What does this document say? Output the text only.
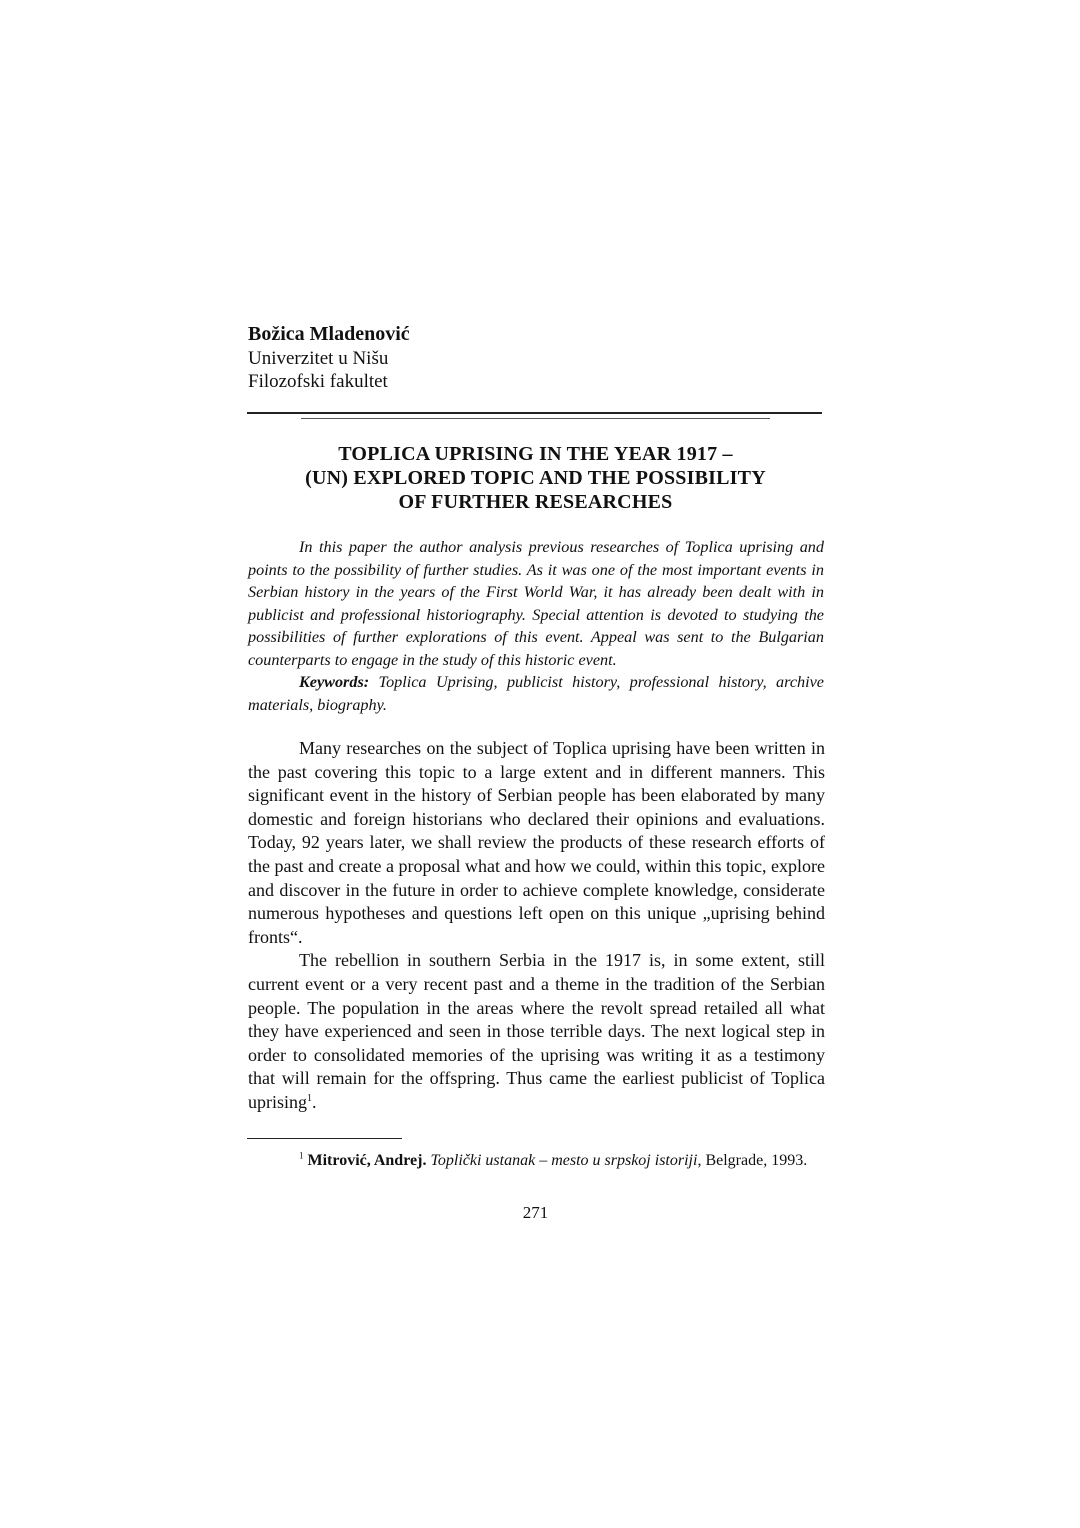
Božica Mladenović
Univerzitet u Nišu
Filozofski fakultet
TOPLICA UPRISING IN THE YEAR 1917 –
(UN) EXPLORED TOPIC AND THE POSSIBILITY
OF FURTHER RESEARCHES

In this paper the author analysis previous researches of Toplica uprising and points to the possibility of further studies. As it was one of the most important events in Serbian history in the years of the First World War, it has already been dealt with in publicist and professional historiography. Special attention is devoted to studying the possibilities of further explorations of this event. Appeal was sent to the Bulgarian counterparts to engage in the study of this historic event.

Keywords: Toplica Uprising, publicist history, professional history, archive materials, biography.

Many researches on the subject of Toplica uprising have been written in the past covering this topic to a large extent and in different manners. This significant event in the history of Serbian people has been elaborated by many domestic and foreign historians who declared their opinions and evaluations. Today, 92 years later, we shall review the products of these research efforts of the past and create a proposal what and how we could, within this topic, explore and discover in the future in order to achieve complete knowledge, considerate numerous hypotheses and questions left open on this unique „uprising behind fronts“.

The rebellion in southern Serbia in the 1917 is, in some extent, still current event or a very recent past and a theme in the tradition of the Serbian people. The population in the areas where the revolt spread retailed all what they have experienced and seen in those terrible days. The next logical step in order to consolidated memories of the uprising was writing it as a testimony that will remain for the offspring. Thus came the earliest publicist of Toplica uprising$^1$.

$^1$ Mitrović, Andrej. Toplički ustanak – mesto u srpskoj istoriji, Belgrade, 1993.

271
